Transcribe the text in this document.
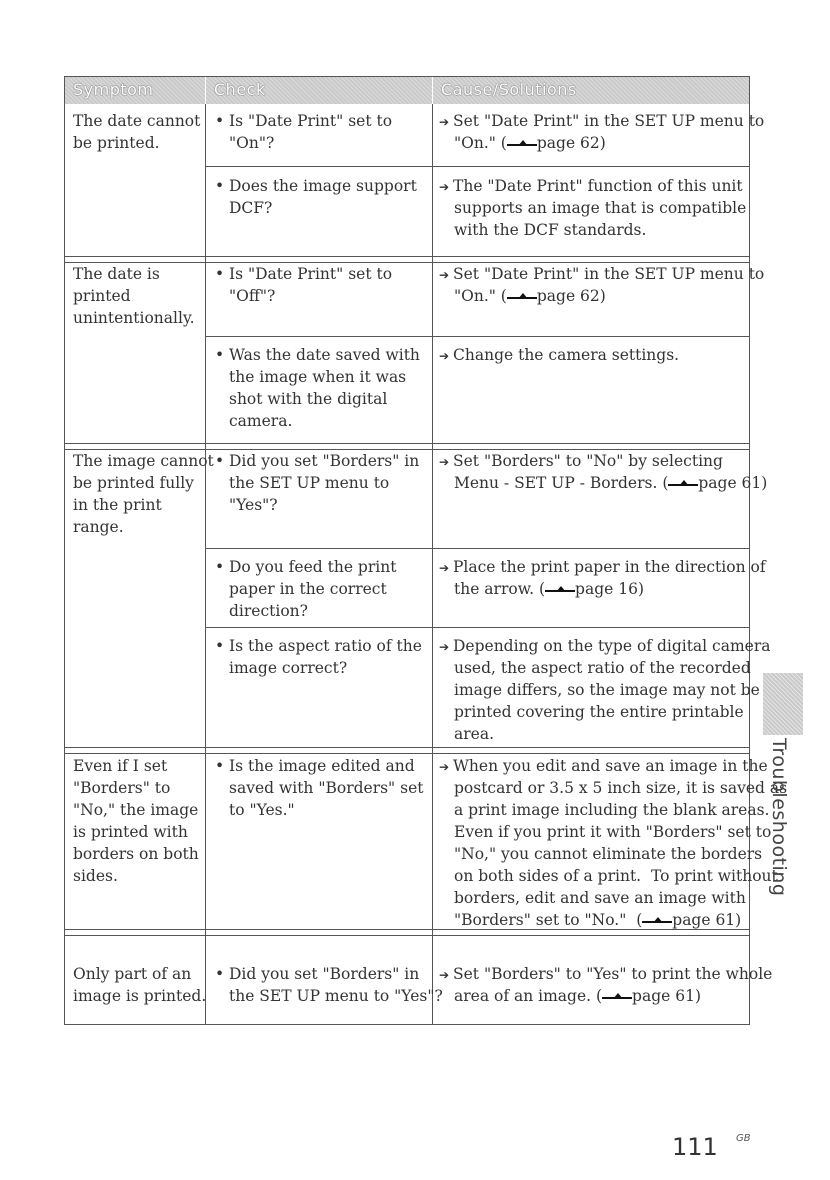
Symptom	Check	Cause/Solutions
The date cannot
be printed.
• Is "Date Print" set to
"On"?
➔ Set "Date Print" in the SET UP menu to
"On." ( page 62)
• Does the image support
DCF?
➔ The "Date Print" function of this unit
supports an image that is compatible
with the DCF standards.
The date is
printed
unintentionally.
• Is "Date Print" set to
"Off"?
➔ Set "Date Print" in the SET UP menu to
"On." ( page 62)
• Was the date saved with
the image when it was
shot with the digital
camera.
➔ Change the camera settings.
The image cannot
be printed fully
in the print
range.
• Did you set "Borders" in
the SET UP menu to
"Yes"?
➔ Set "Borders" to "No" by selecting
Menu - SET UP - Borders. ( page 61)
• Do you feed the print
paper in the correct
direction?
➔ Place the print paper in the direction of
the arrow. ( page 16)
• Is the aspect ratio of the
image correct?
➔ Depending on the type of digital camera
used, the aspect ratio of the recorded
image differs, so the image may not be
printed covering the entire printable
area.
Even if I set
"Borders" to
"No," the image
is printed with
borders on both
sides.
• Is the image edited and
saved with "Borders" set
to "Yes."
➔ When you edit and save an image in the
postcard or 3.5 x 5 inch size, it is saved as
a print image including the blank areas.
Even if you print it with "Borders" set to
"No," you cannot eliminate the borders
on both sides of a print.  To print without
borders, edit and save an image with
"Borders" set to "No."  ( page 61)
Only part of an
image is printed.
• Did you set "Borders" in
the SET UP menu to "Yes"?
➔ Set "Borders" to "Yes" to print the whole
area of an image. ( page 61)
Troubleshooting
111 GB
